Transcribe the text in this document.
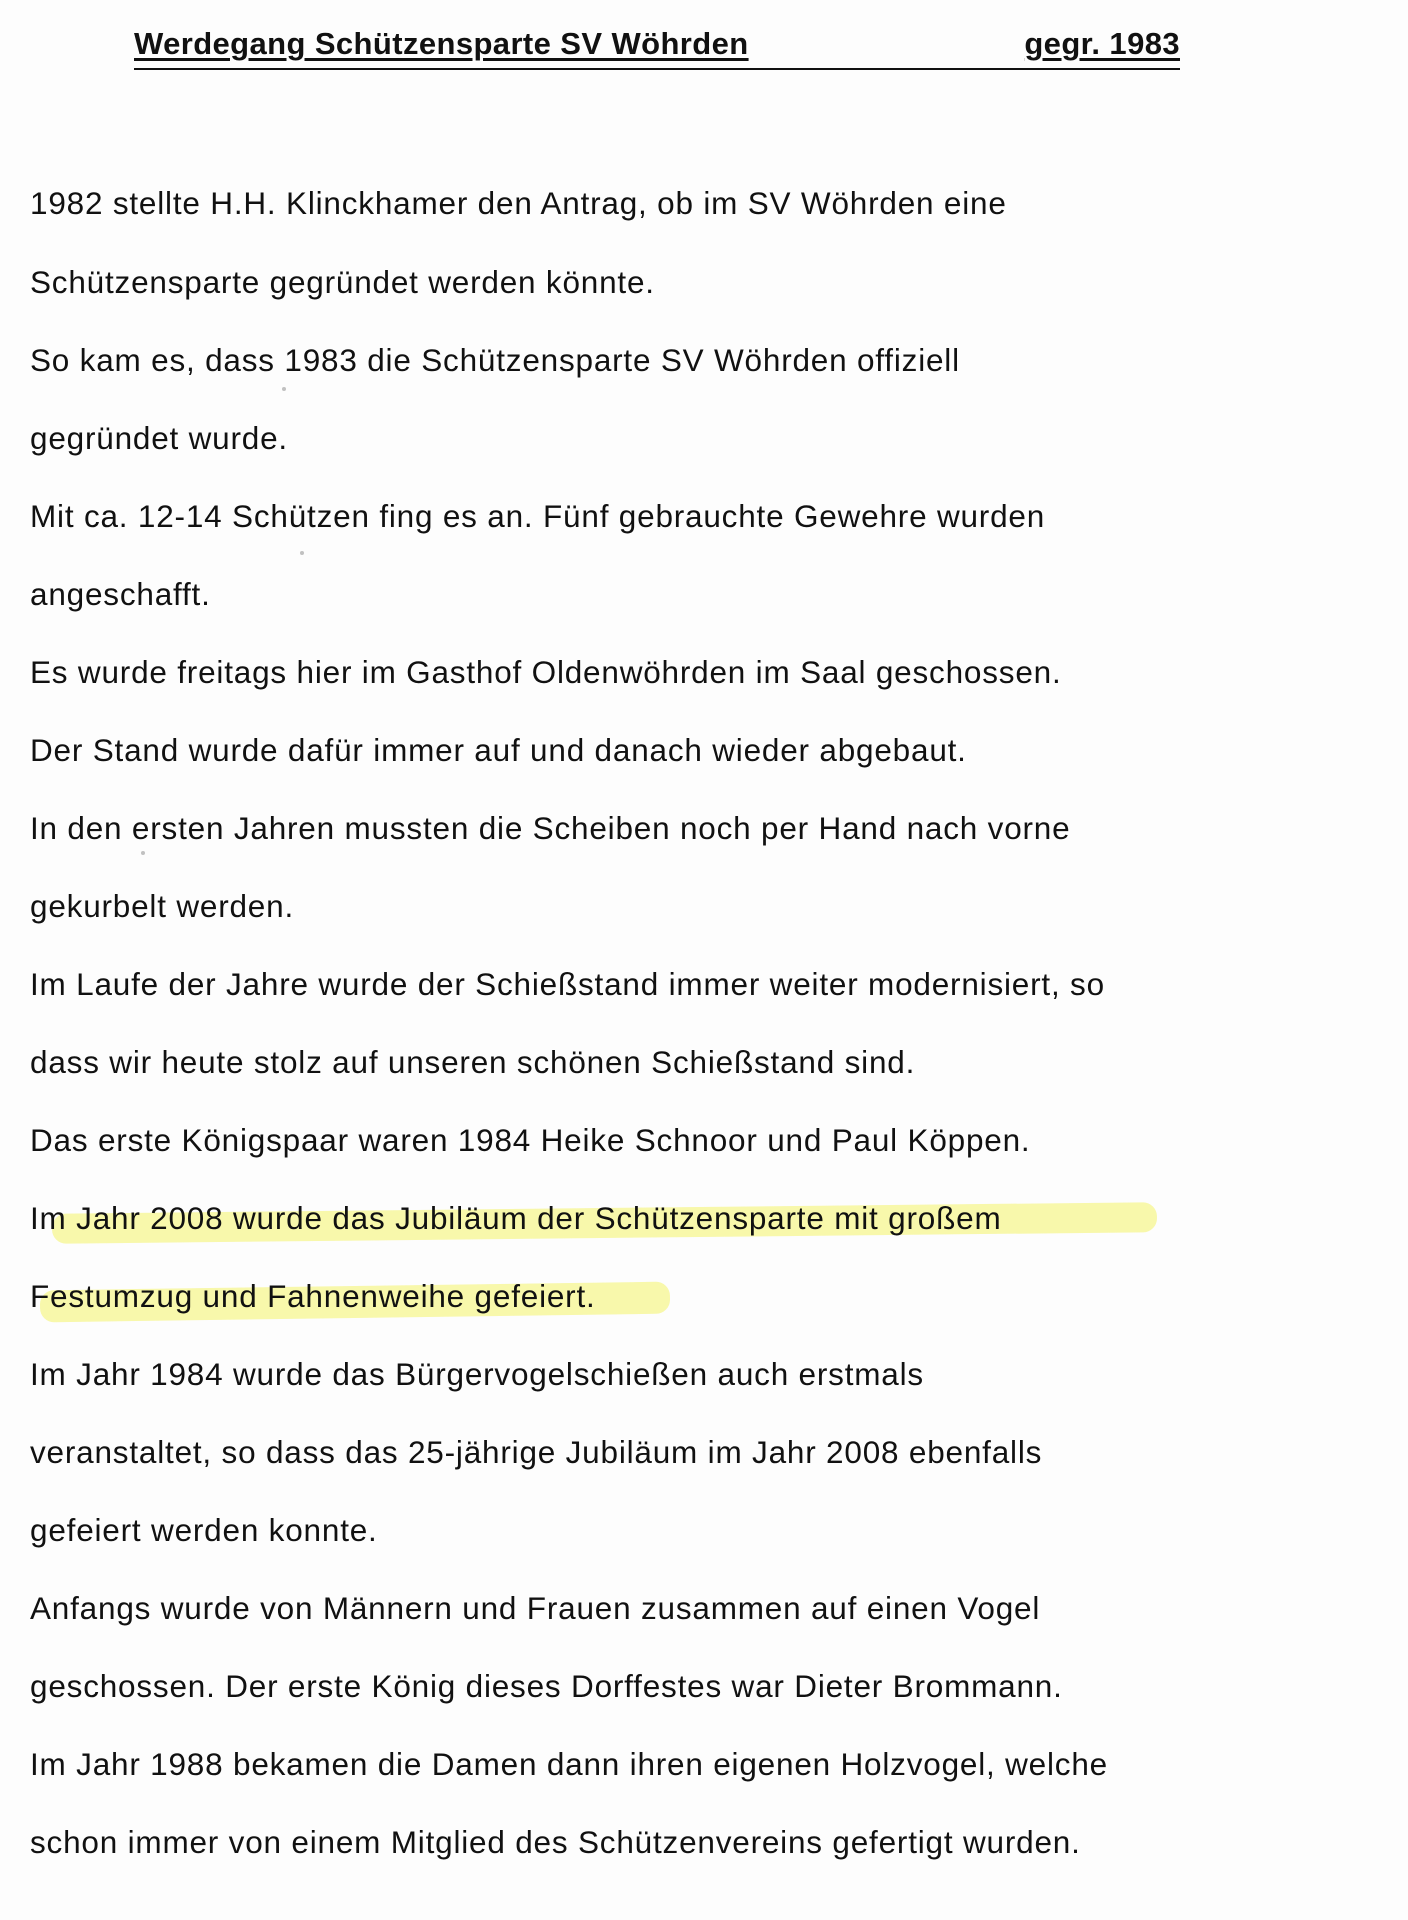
Werdegang Schützensparte SV Wöhrden	gegr. 1983
1982 stellte H.H. Klinckhamer den Antrag, ob im SV Wöhrden eine
Schützensparte gegründet werden könnte.
So kam es, dass 1983 die Schützensparte SV Wöhrden offiziell
gegründet wurde.
Mit ca. 12-14 Schützen fing es an. Fünf gebrauchte Gewehre wurden
angeschafft.
Es wurde freitags hier im Gasthof Oldenwöhrden im Saal geschossen.
Der Stand wurde dafür immer auf und danach wieder abgebaut.
In den ersten Jahren mussten die Scheiben noch per Hand nach vorne
gekurbelt werden.
Im Laufe der Jahre wurde der Schießstand immer weiter modernisiert, so
dass wir heute stolz auf unseren schönen Schießstand sind.
Das erste Königspaar waren 1984 Heike Schnoor und Paul Köppen.
Im Jahr 2008 wurde das Jubiläum der Schützensparte mit großem
Festumzug und Fahnenweihe gefeiert.
Im Jahr 1984 wurde das Bürgervogelschießen auch erstmals
veranstaltet, so dass das 25-jährige Jubiläum im Jahr 2008 ebenfalls
gefeiert werden konnte.
Anfangs wurde von Männern und Frauen zusammen auf einen Vogel
geschossen. Der erste König dieses Dorffestes war Dieter Brommann.
Im Jahr 1988 bekamen die Damen dann ihren eigenen Holzvogel, welche
schon immer von einem Mitglied des Schützenvereins gefertigt wurden.
